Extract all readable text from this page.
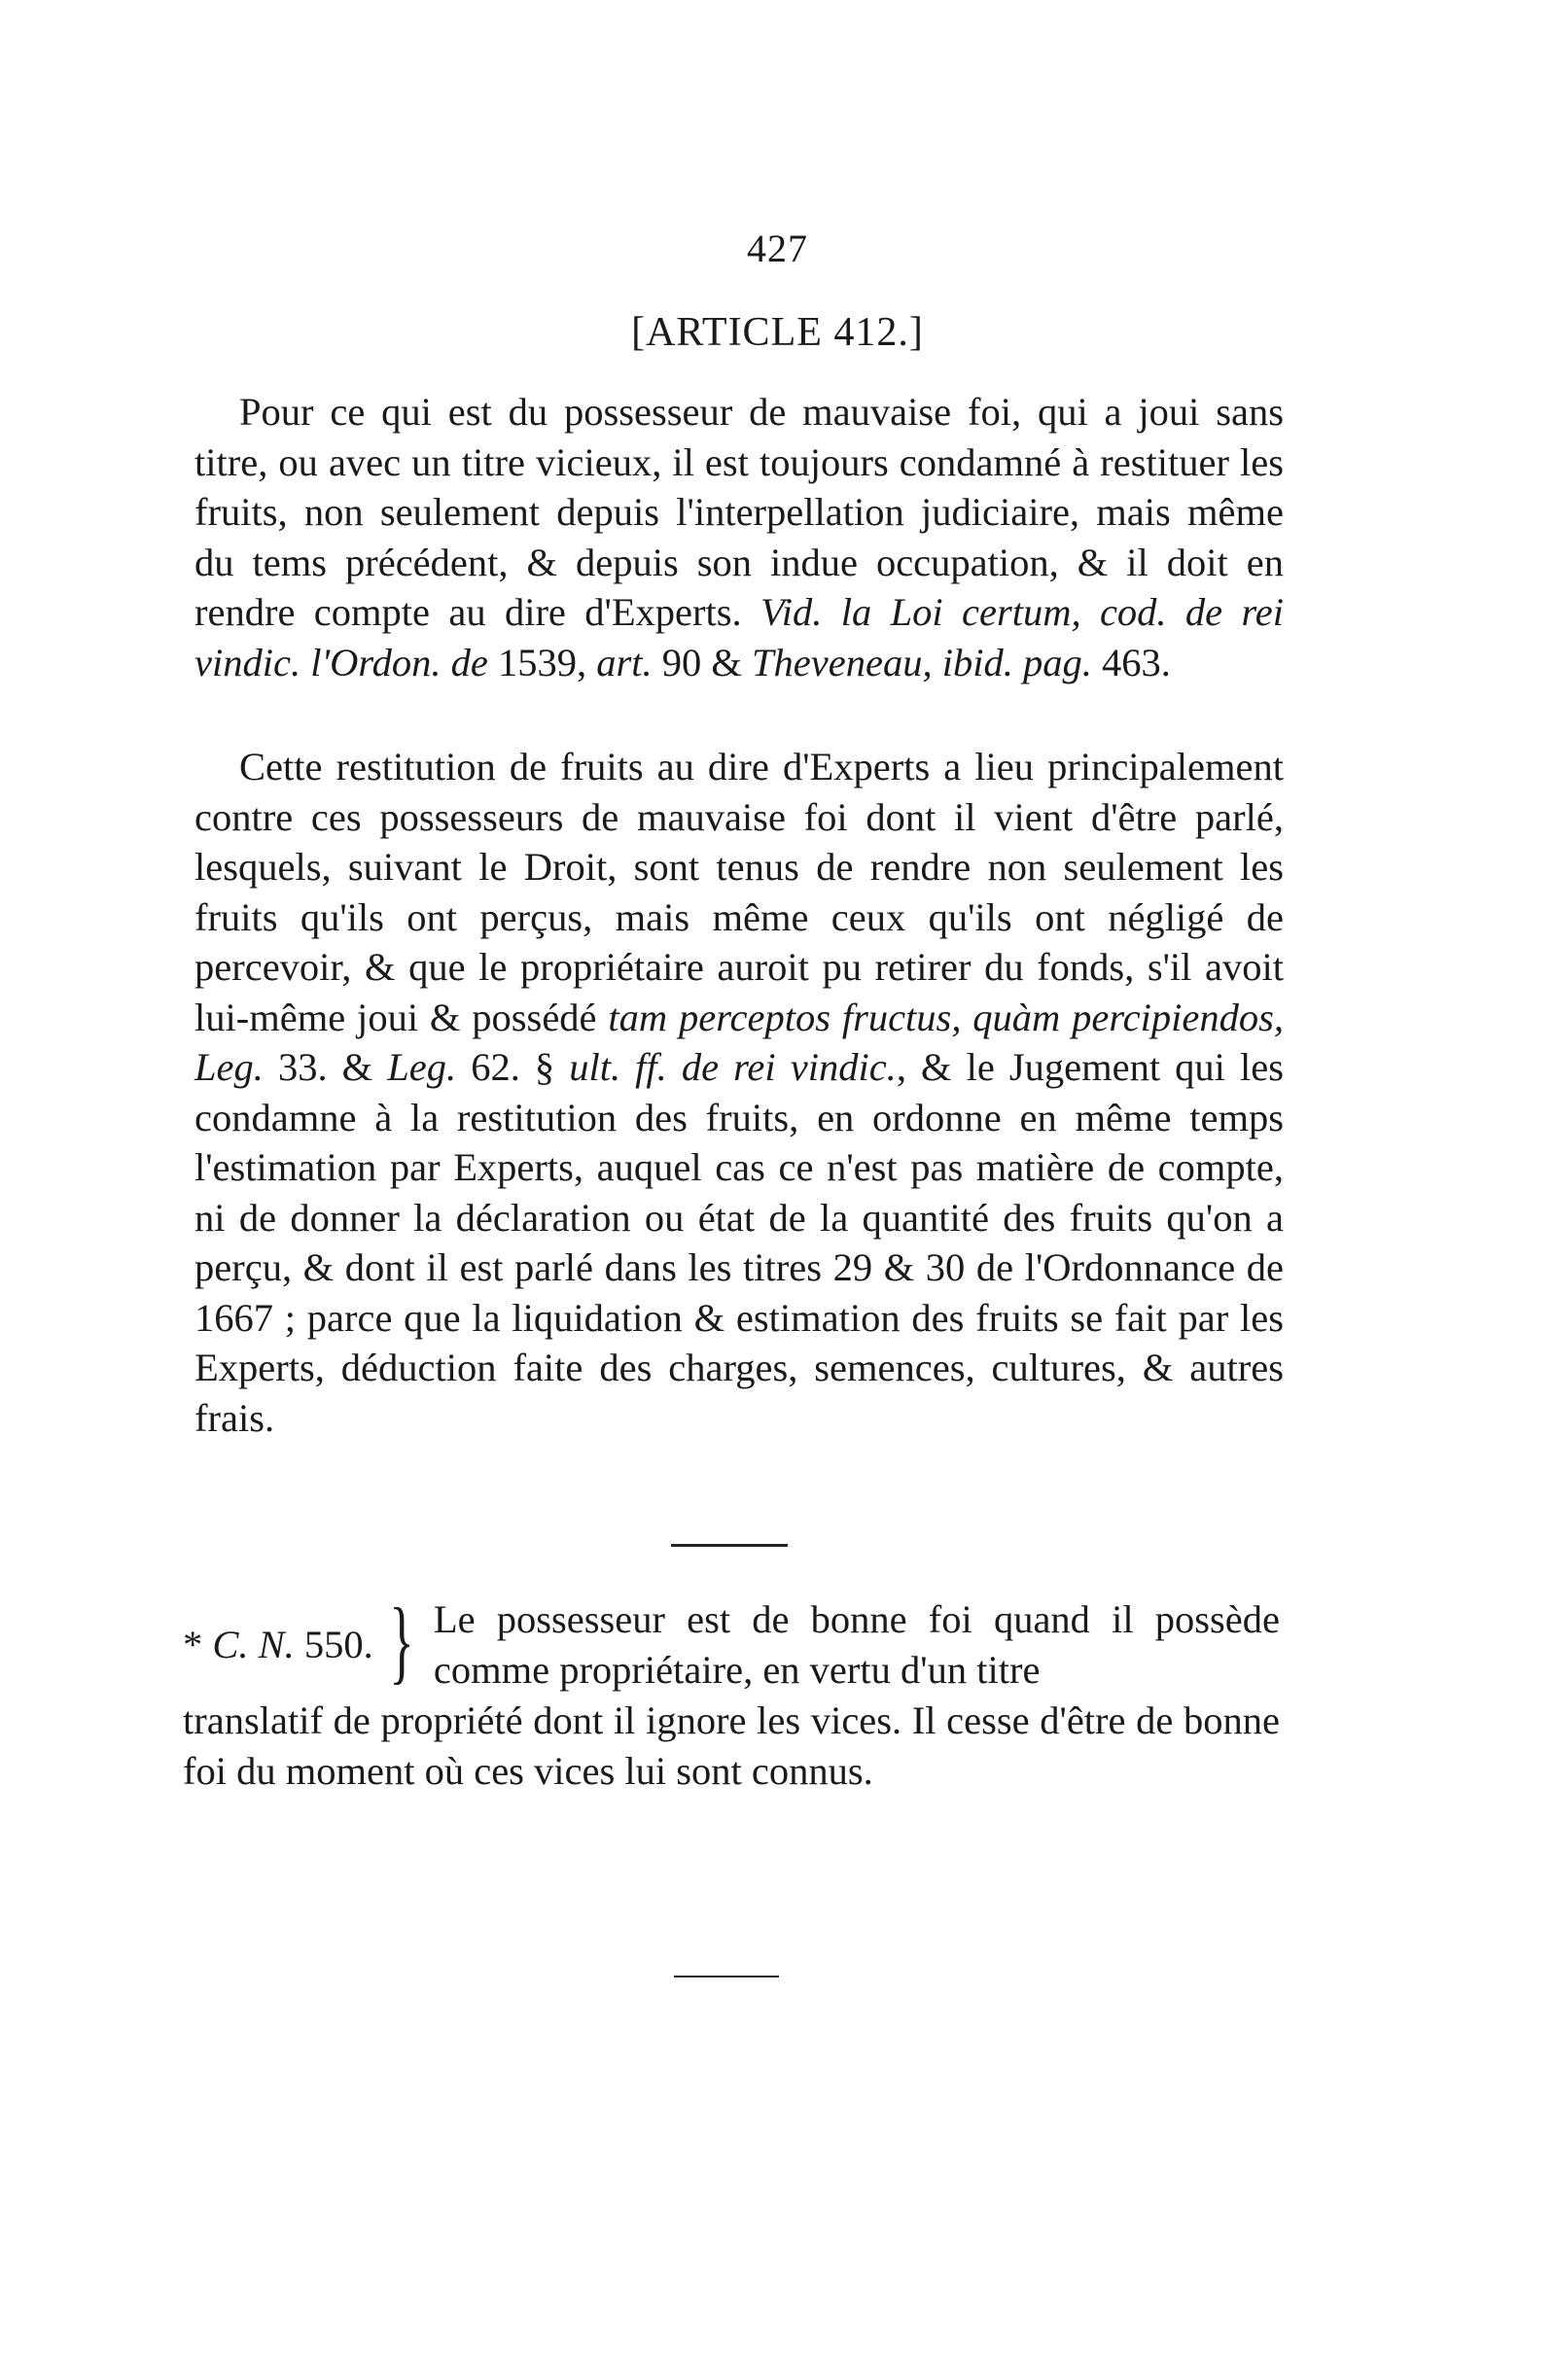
427
[ARTICLE 412.]

Pour ce qui est du possesseur de mauvaise foi, qui a joui sans titre, ou avec un titre vicieux, il est toujours condamné à restituer les fruits, non seulement depuis l'interpellation judiciaire, mais même du tems précédent, & depuis son indue occupation, & il doit en rendre compte au dire d'Experts. Vid. la Loi certum, cod. de rei vindic. l'Ordon. de 1539, art. 90 & Theveneau, ibid. pag. 463.

Cette restitution de fruits au dire d'Experts a lieu principalement contre ces possesseurs de mauvaise foi dont il vient d'être parlé, lesquels, suivant le Droit, sont tenus de rendre non seulement les fruits qu'ils ont perçus, mais même ceux qu'ils ont négligé de percevoir, & que le propriétaire auroit pu retirer du fonds, s'il avoit lui-même joui & possédé tam perceptos fructus, quàm percipiendos, Leg. 33. & Leg. 62. § ult. ff. de rei vindic., & le Jugement qui les condamne à la restitution des fruits, en ordonne en même temps l'estimation par Experts, auquel cas ce n'est pas matière de compte, ni de donner la déclaration ou état de la quantité des fruits qu'on a perçu, & dont il est parlé dans les titres 29 & 30 de l'Ordonnance de 1667 ; parce que la liquidation & estimation des fruits se fait par les Experts, déduction faite des charges, semences, cultures, & autres frais.

* C. N. 550. } Le possesseur est de bonne foi quand il possède comme propriétaire, en vertu d'un titre
translatif de propriété dont il ignore les vices. Il cesse d'être de bonne foi du moment où ces vices lui sont connus.
